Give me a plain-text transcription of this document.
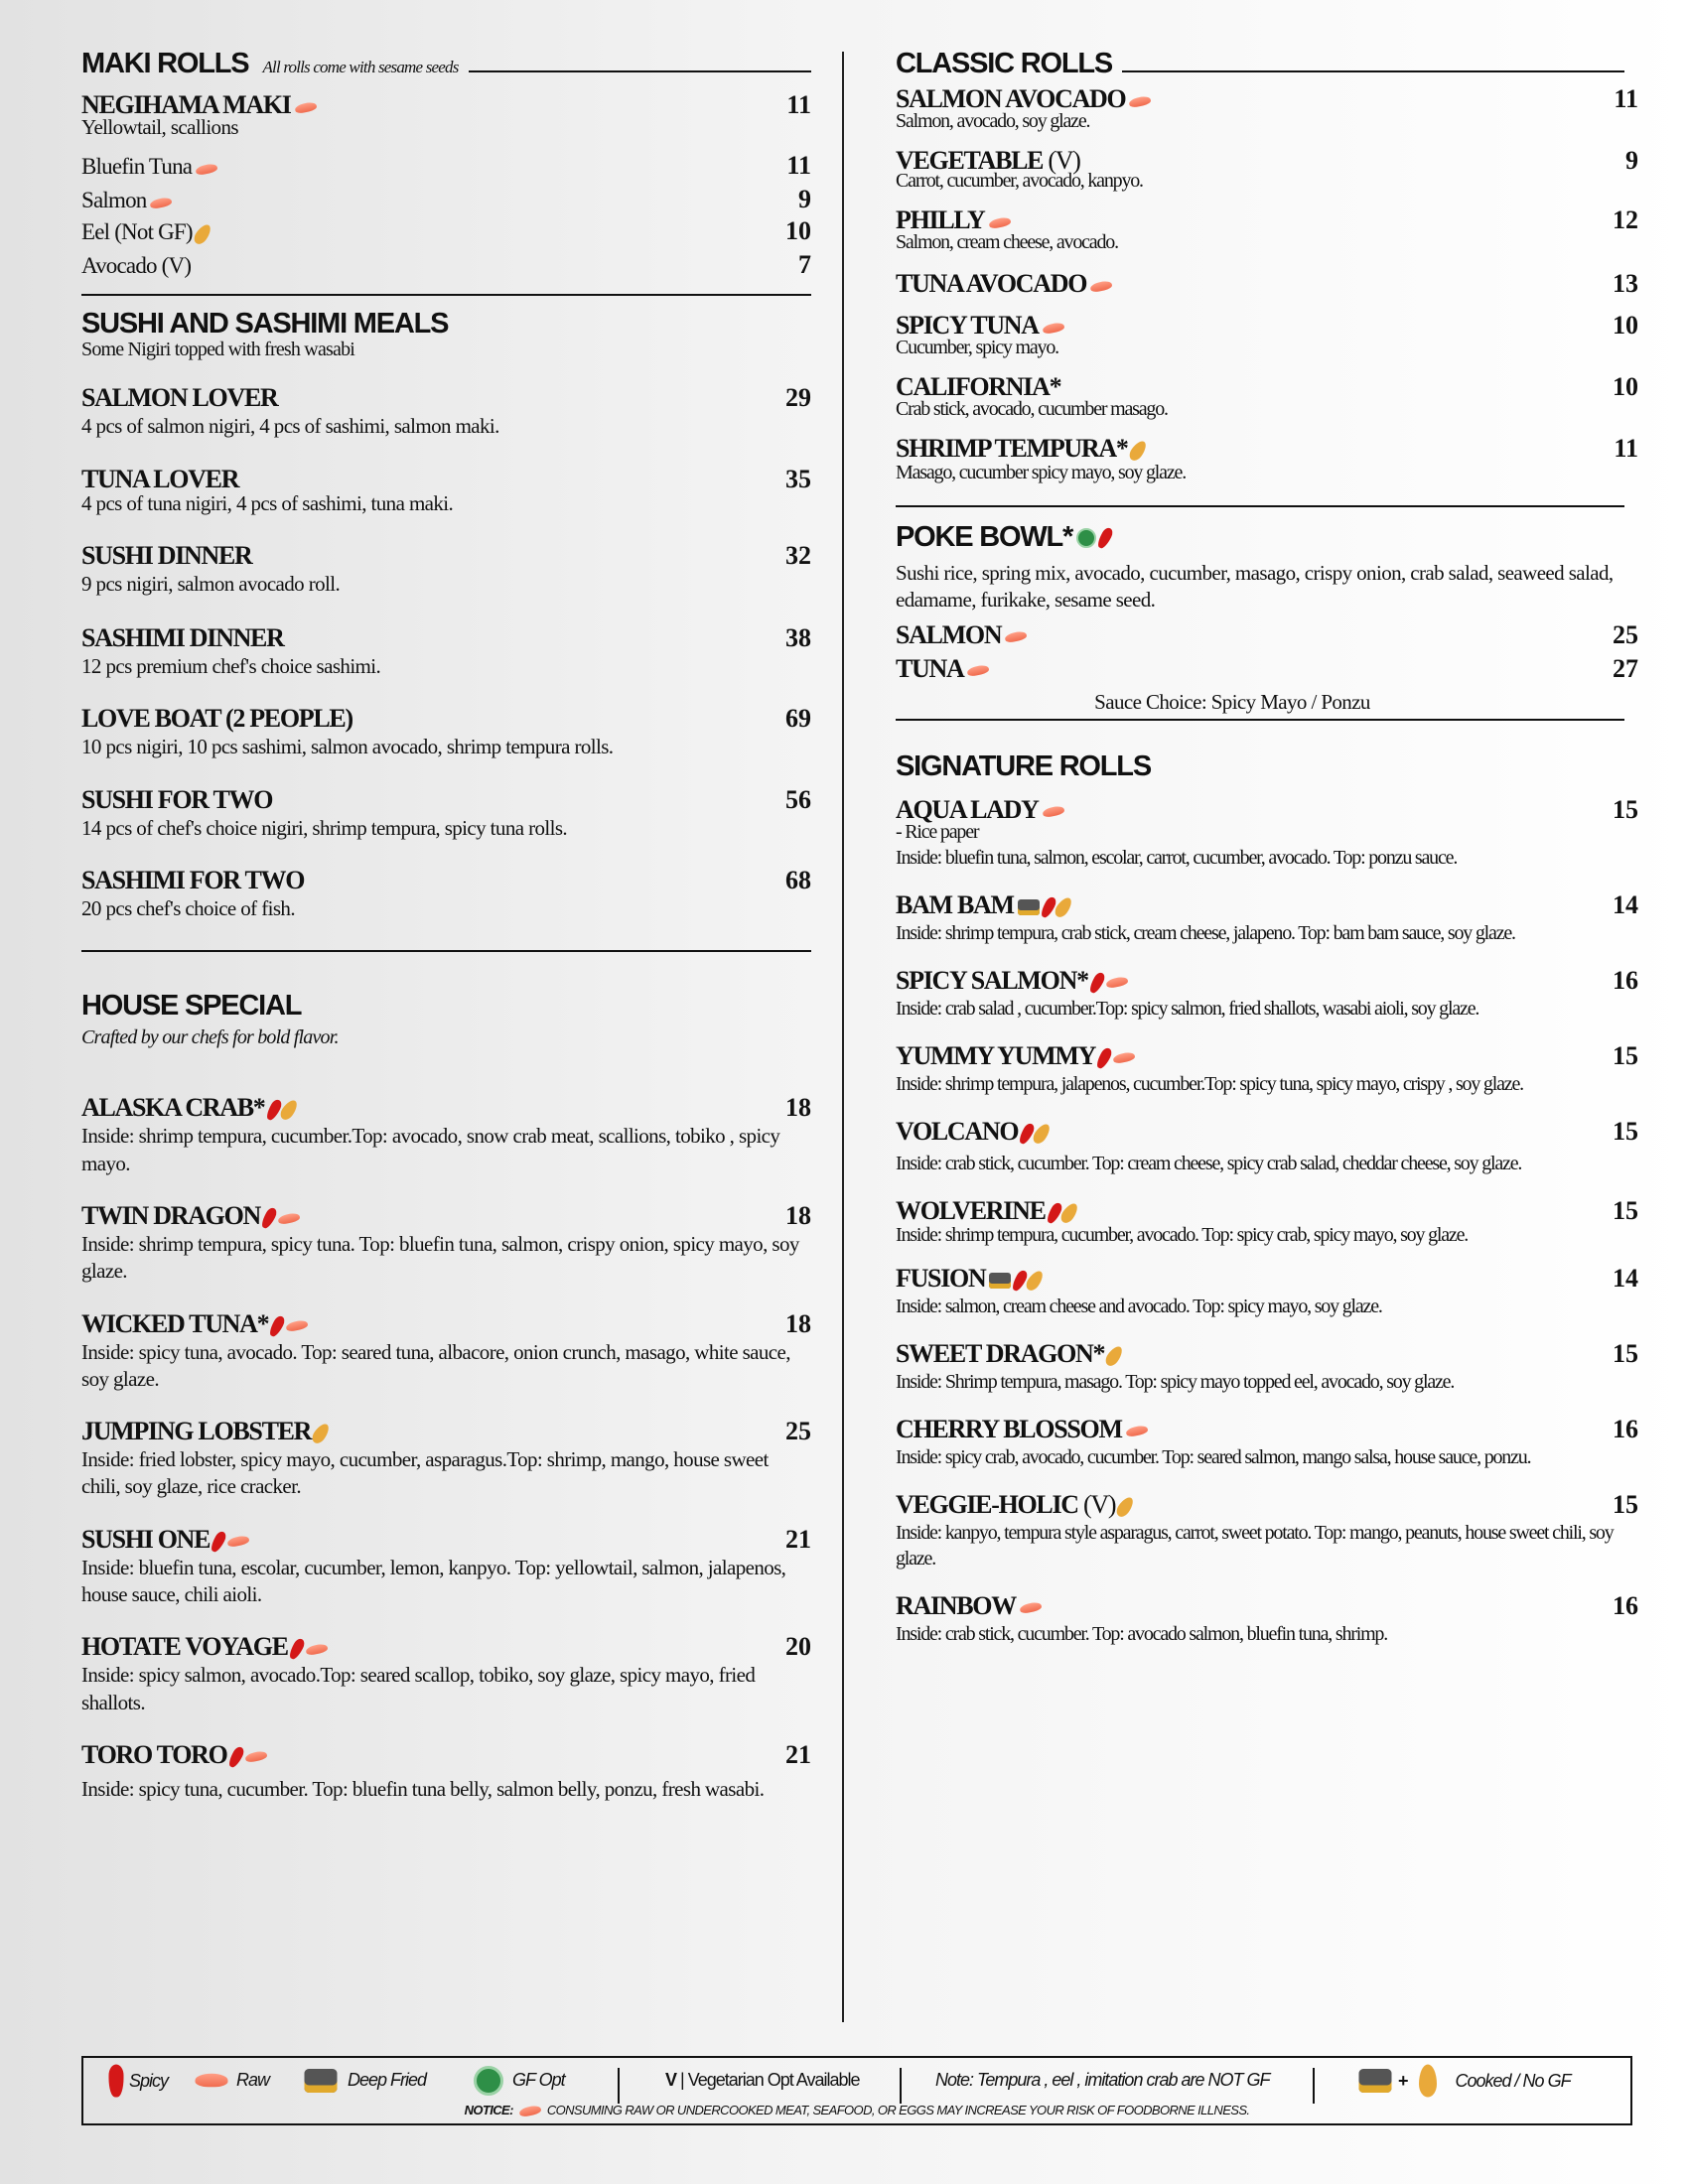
MAKI ROLLS All rolls come with sesame seeds
NEGIHAMA MAKI	11
Yellowtail, scallions
Bluefin Tuna	11
Salmon	9
Eel (Not GF)	10
Avocado (V)	7
SUSHI AND SASHIMI MEALS
Some Nigiri topped with fresh wasabi
SALMON LOVER	29
4 pcs of salmon nigiri, 4 pcs of sashimi, salmon maki.
TUNA LOVER	35
4 pcs of tuna nigiri, 4 pcs of sashimi, tuna maki.
SUSHI DINNER	32
9 pcs nigiri, salmon avocado roll.
SASHIMI DINNER	38
12 pcs premium chef's choice sashimi.
LOVE BOAT (2 PEOPLE)	69
10 pcs nigiri, 10 pcs sashimi, salmon avocado, shrimp tempura rolls.
SUSHI FOR TWO	56
14 pcs of chef's choice nigiri, shrimp tempura, spicy tuna rolls.
SASHIMI FOR TWO	68
20 pcs chef's choice of fish.
HOUSE SPECIAL
Crafted by our chefs for bold flavor.
ALASKA CRAB*	18
Inside: shrimp tempura, cucumber.Top: avocado, snow crab meat, scallions, tobiko , spicy mayo.
TWIN DRAGON	18
Inside: shrimp tempura, spicy tuna. Top: bluefin tuna, salmon, crispy onion, spicy mayo, soy glaze.
WICKED TUNA*	18
Inside: spicy tuna, avocado. Top: seared tuna, albacore, onion crunch, masago, white sauce, soy glaze.
JUMPING LOBSTER	25
Inside: fried lobster, spicy mayo, cucumber, asparagus.Top: shrimp, mango, house sweet chili, soy glaze, rice cracker.
SUSHI ONE	21
Inside: bluefin tuna, escolar, cucumber, lemon, kanpyo. Top: yellowtail, salmon, jalapenos, house sauce, chili aioli.
HOTATE VOYAGE	20
Inside: spicy salmon, avocado.Top: seared scallop, tobiko, soy glaze, spicy mayo, fried shallots.
TORO TORO	21
Inside: spicy tuna, cucumber. Top: bluefin tuna belly, salmon belly, ponzu, fresh wasabi.
CLASSIC ROLLS
SALMON AVOCADO	11
Salmon, avocado, soy glaze.
VEGETABLE (V)	9
Carrot, cucumber, avocado, kanpyo.
PHILLY	12
Salmon, cream cheese, avocado.
TUNA AVOCADO	13
SPICY TUNA	10
Cucumber, spicy mayo.
CALIFORNIA*	10
Crab stick, avocado, cucumber masago.
SHRIMP TEMPURA*	11
Masago, cucumber spicy mayo, soy glaze.
POKE BOWL*
Sushi rice, spring mix, avocado, cucumber, masago, crispy onion, crab salad, seaweed salad, edamame, furikake, sesame seed.
SALMON	25
TUNA	27
Sauce Choice: Spicy Mayo / Ponzu
SIGNATURE ROLLS
AQUA LADY	15
- Rice paper
Inside: bluefin tuna, salmon, escolar, carrot, cucumber, avocado. Top: ponzu sauce.
BAM BAM	14
Inside: shrimp tempura, crab stick, cream cheese, jalapeno. Top: bam bam sauce, soy glaze.
SPICY SALMON*	16
Inside: crab salad , cucumber.Top: spicy salmon, fried shallots, wasabi aioli, soy glaze.
YUMMY YUMMY	15
Inside: shrimp tempura, jalapenos, cucumber.Top: spicy tuna, spicy mayo, crispy , soy glaze.
VOLCANO	15
Inside: crab stick, cucumber. Top: cream cheese, spicy crab salad, cheddar cheese, soy glaze.
WOLVERINE	15
Inside: shrimp tempura, cucumber, avocado. Top: spicy crab, spicy mayo, soy glaze.
FUSION	14
Inside: salmon, cream cheese and avocado. Top: spicy mayo, soy glaze.
SWEET DRAGON*	15
Inside: Shrimp tempura, masago. Top: spicy mayo topped eel, avocado, soy glaze.
CHERRY BLOSSOM	16
Inside: spicy crab, avocado, cucumber. Top: seared salmon, mango salsa, house sauce, ponzu.
VEGGIE-HOLIC (V)	15
Inside: kanpyo, tempura style asparagus, carrot, sweet potato. Top: mango, peanuts, house sweet chili, soy glaze.
RAINBOW	16
Inside: crab stick, cucumber. Top: avocado salmon, bluefin tuna, shrimp.
Spicy	Raw	Deep Fried	GF Opt	V
| Vegetarian Opt Available	Note: Tempura , eel , imitation crab are NOT GF	+	Cooked / No GF
NOTICE:	CONSUMING RAW OR UNDERCOOKED MEAT, SEAFOOD, OR EGGS MAY INCREASE YOUR RISK OF FOODBORNE ILLNESS.
